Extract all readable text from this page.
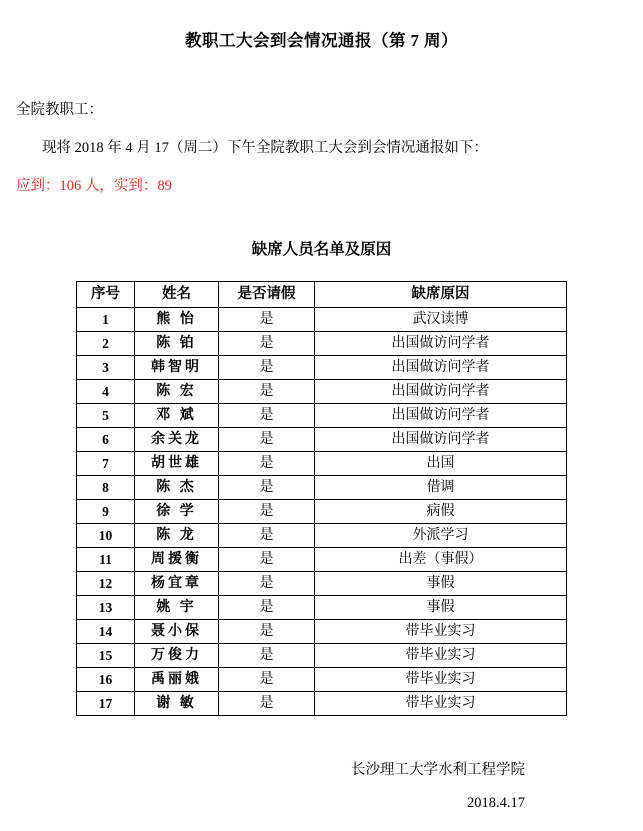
教职工大会到会情况通报（第 7 周）
全院教职工：
现将 2018 年 4 月 17（周二）下午全院教职工大会到会情况通报如下：
应到：106 人，实到：89
缺席人员名单及原因
序号	姓名	是否请假	缺席原因
1	熊 怡	是	武汉读博
2	陈 铂	是	出国做访问学者
3	韩智明	是	出国做访问学者
4	陈 宏	是	出国做访问学者
5	邓 斌	是	出国做访问学者
6	余关龙	是	出国做访问学者
7	胡世雄	是	出国
8	陈 杰	是	借调
9	徐 学	是	病假
10	陈 龙	是	外派学习
11	周援衡	是	出差（事假）
12	杨宜章	是	事假
13	姚 宇	是	事假
14	聂小保	是	带毕业实习
15	万俊力	是	带毕业实习
16	禹丽娥	是	带毕业实习
17	谢 敏	是	带毕业实习
长沙理工大学水利工程学院
2018.4.17
